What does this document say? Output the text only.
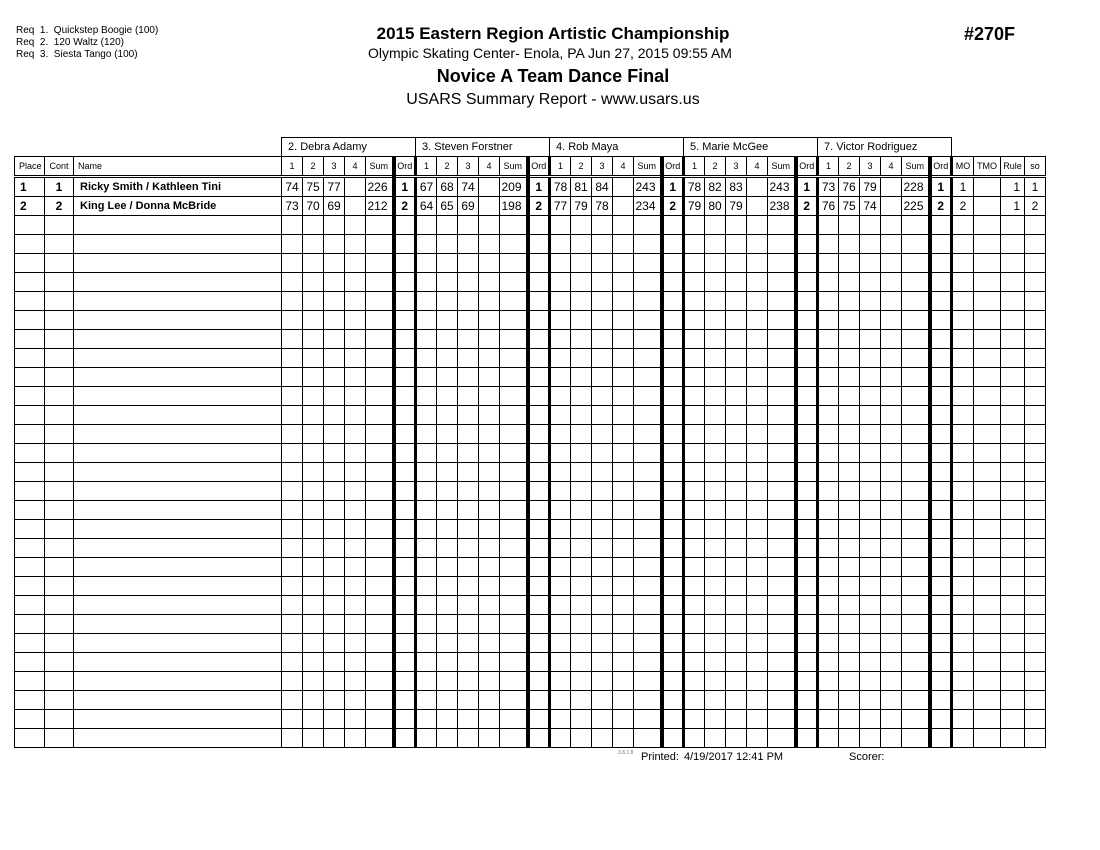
Req  1.  Quickstep Boogie (100)
Req  2.  120 Waltz (120)
Req  3.  Siesta Tango (100)
2015 Eastern Region Artistic Championship
Olympic Skating Center- Enola, PA Jun 27, 2015 09:55 AM
Novice A Team Dance Final
USARS Summary Report - www.usars.us
#270F
			2. Debra Adamy						3. Steven Forstner						4. Rob Maya						5. Marie McGee						7. Victor Rodriguez									
Place	Cont	Name	1	2	3	4	Sum	Ord	1	2	3	4	Sum	Ord	1	2	3	4	Sum	Ord	1	2	3	4	Sum	Ord	1	2	3	4	Sum	Ord	MO	TMO	Rule	so
1	1	Ricky Smith / Kathleen Tini	74	75	77		226	1	67	68	74		209	1	78	81	84		243	1	78	82	83		243	1	73	76	79		228	1	1		1	1
2	2	King Lee / Donna McBride	73	70	69		212	2	64	65	69		198	2	77	79	78		234	2	79	80	79		238	2	76	75	74		225	2	2		1	2

3.8.1.8 Printed: 4/19/2017 12:41 PM	Scorer:
